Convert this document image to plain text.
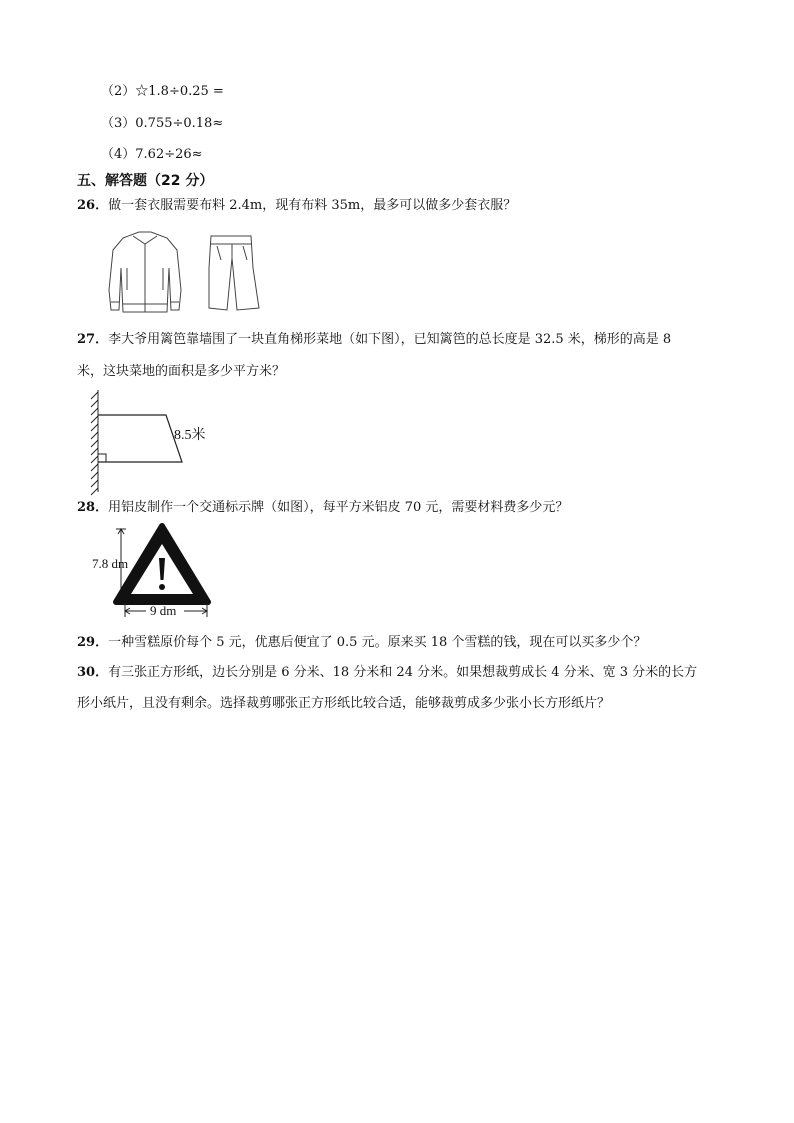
（2）☆1.8÷0.25 =
（3）0.755÷0.18≈
（4）7.62÷26≈
五、解答题（22 分）
26．做一套衣服需要布料 2.4m，现有布料 35m，最多可以做多少套衣服？
27．李大爷用篱笆靠墙围了一块直角梯形菜地（如下图），已知篱笆的总长度是 32.5 米，梯形的高是 8
米，这块菜地的面积是多少平方米？
8.5米
28．用铝皮制作一个交通标示牌（如图），每平方米铝皮 70 元，需要材料费多少元？
7.8 dm
9 dm
29．一种雪糕原价每个 5 元，优惠后便宜了 0.5 元。原来买 18 个雪糕的钱，现在可以买多少个？
30．有三张正方形纸，边长分别是 6 分米、18 分米和 24 分米。如果想裁剪成长 4 分米、宽 3 分米的长方
形小纸片，且没有剩余。选择裁剪哪张正方形纸比较合适，能够裁剪成多少张小长方形纸片？
